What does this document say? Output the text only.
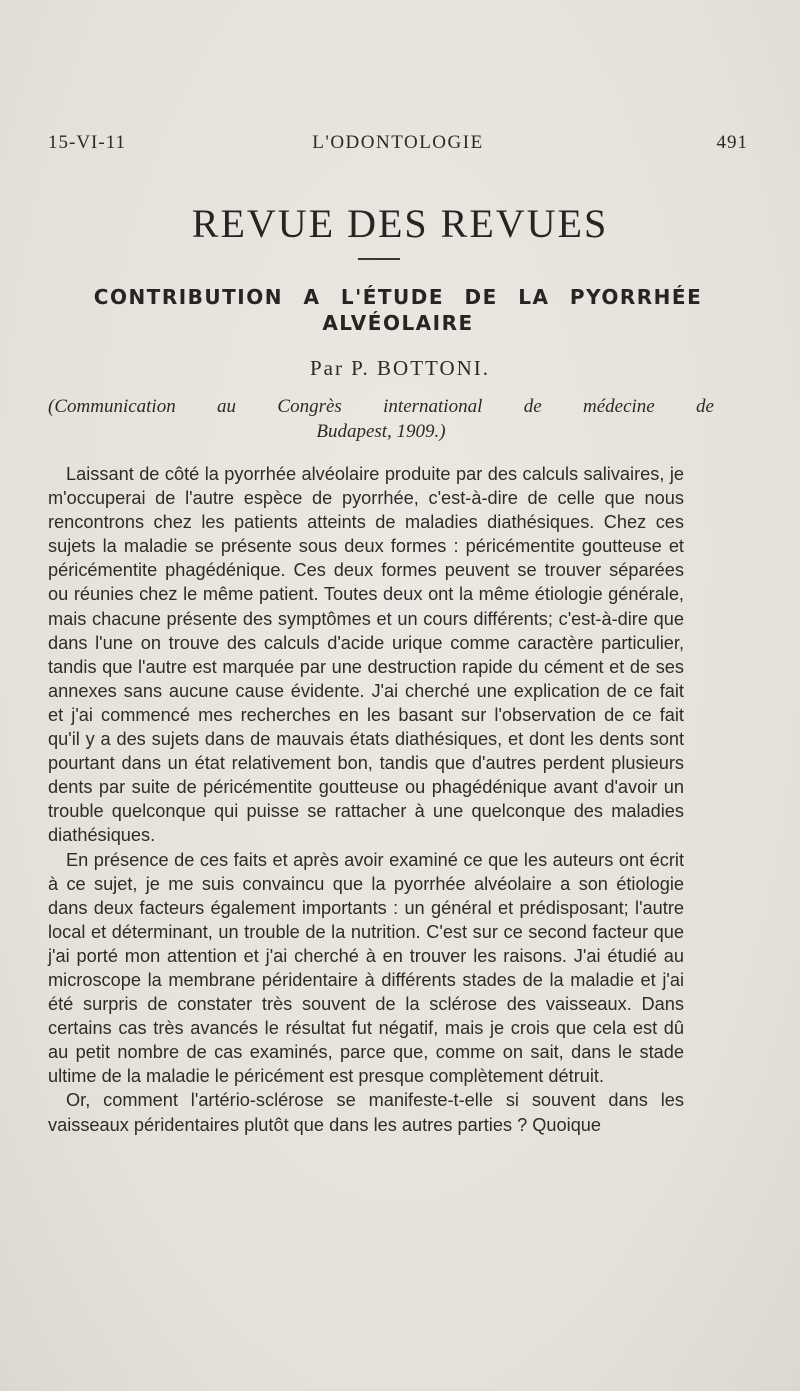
15-VI-11	L'ODONTOLOGIE	491
REVUE DES REVUES
CONTRIBUTION A L'ÉTUDE DE LA PYORRHÉE ALVÉOLAIRE
Par P. BOTTONI.
(Communication au Congrès international de médecine de
Budapest, 1909.)

Laissant de côté la pyorrhée alvéolaire produite par des calculs salivaires, je m'occuperai de l'autre espèce de pyorrhée, c'est-à-dire de celle que nous rencontrons chez les patients atteints de maladies diathésiques. Chez ces sujets la maladie se présente sous deux formes : péricémentite goutteuse et péricémentite phagédénique. Ces deux formes peuvent se trouver séparées ou réunies chez le même patient. Toutes deux ont la même étiologie générale, mais chacune présente des symptômes et un cours différents; c'est-à-dire que dans l'une on trouve des calculs d'acide urique comme caractère particulier, tandis que l'autre est marquée par une destruction rapide du cément et de ses annexes sans aucune cause évidente. J'ai cherché une explication de ce fait et j'ai commencé mes recherches en les basant sur l'observation de ce fait qu'il y a des sujets dans de mauvais états diathésiques, et dont les dents sont pourtant dans un état relativement bon, tandis que d'autres perdent plusieurs dents par suite de péricémentite goutteuse ou phagédénique avant d'avoir un trouble quelconque qui puisse se rattacher à une quelconque des maladies diathésiques.

En présence de ces faits et après avoir examiné ce que les auteurs ont écrit à ce sujet, je me suis convaincu que la pyorrhée alvéolaire a son étiologie dans deux facteurs également importants : un général et prédisposant; l'autre local et déterminant, un trouble de la nutrition. C'est sur ce second facteur que j'ai porté mon attention et j'ai cherché à en trouver les raisons. J'ai étudié au microscope la membrane péridentaire à différents stades de la maladie et j'ai été surpris de constater très souvent de la sclérose des vaisseaux. Dans certains cas très avancés le résultat fut négatif, mais je crois que cela est dû au petit nombre de cas examinés, parce que, comme on sait, dans le stade ultime de la maladie le péricément est presque complètement détruit.

Or, comment l'artério-sclérose se manifeste-t-elle si souvent dans les vaisseaux péridentaires plutôt que dans les autres parties ? Quoique
